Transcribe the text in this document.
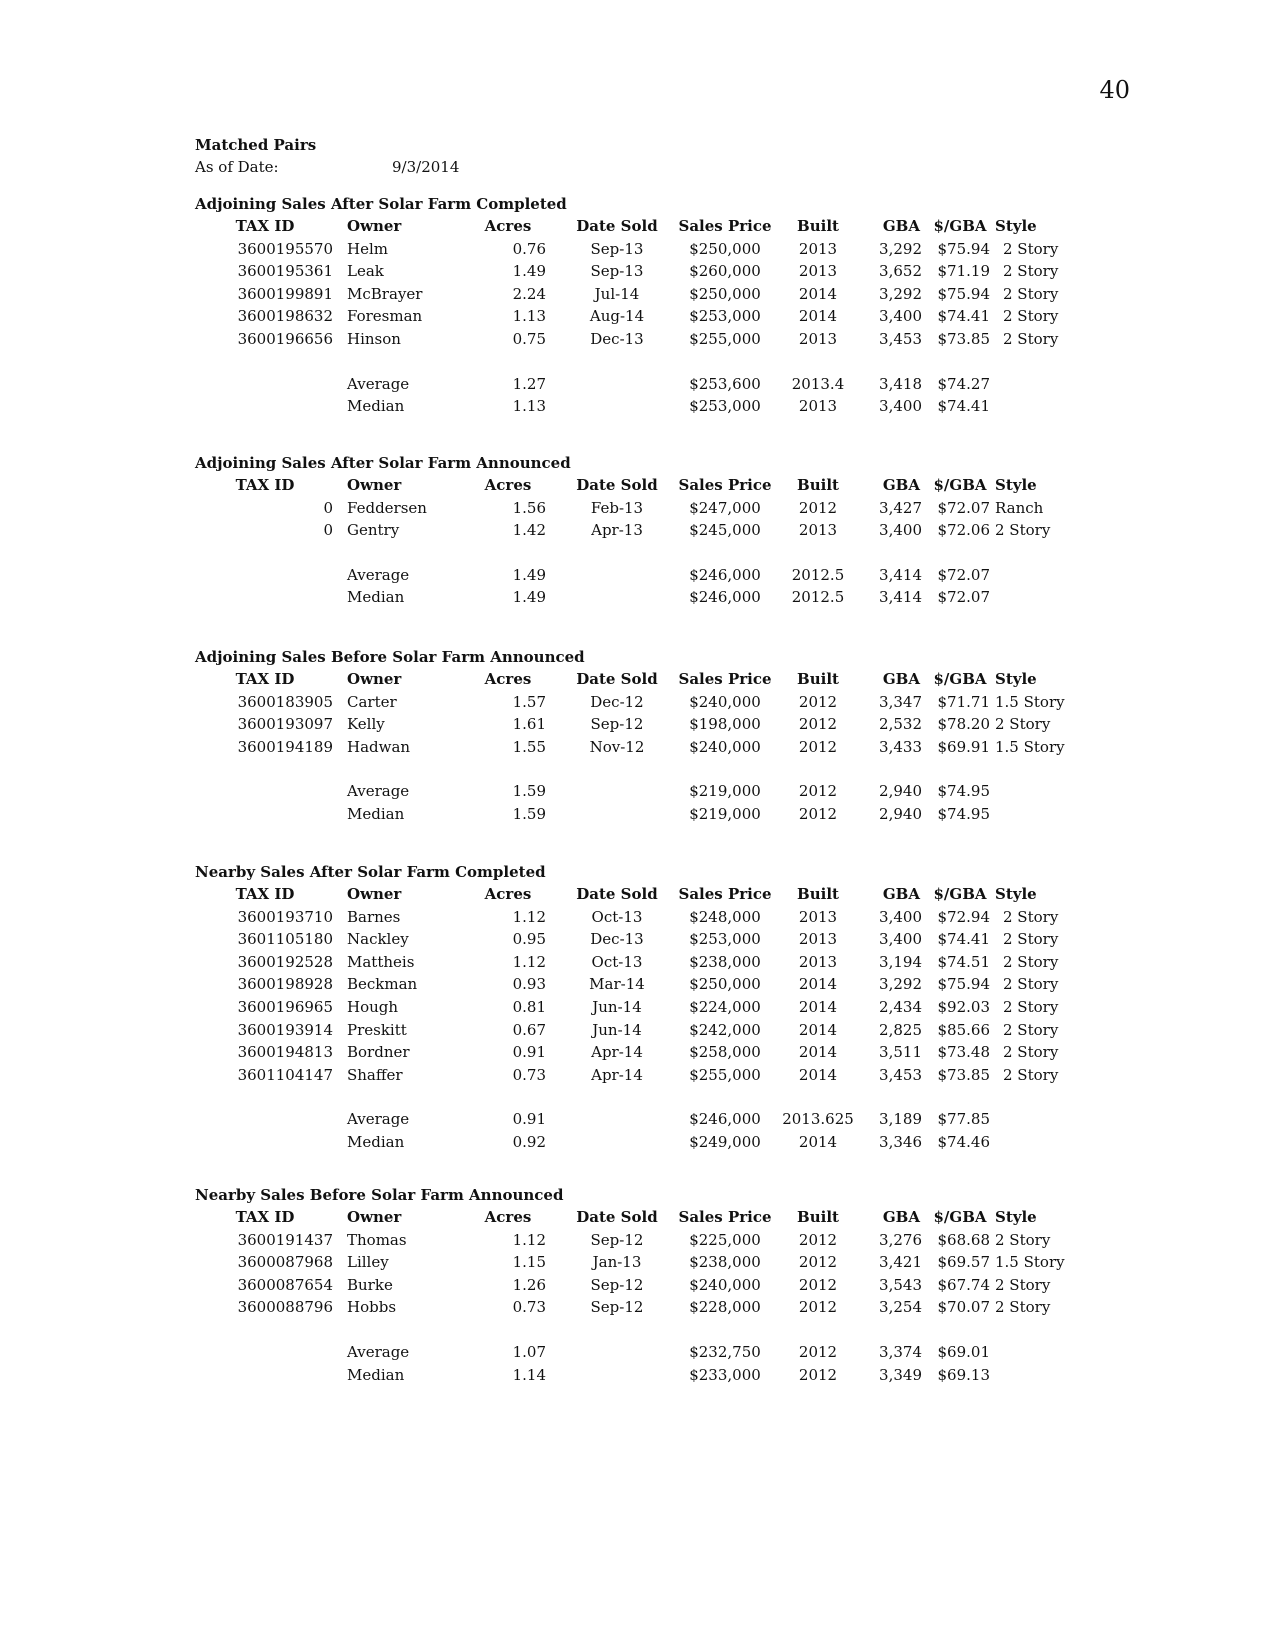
40
Matched Pairs
As of Date:	9/3/2014
Adjoining Sales After Solar Farm Completed
TAX ID	Owner	Acres	Date Sold	Sales Price	Built	GBA $/GBA Style
3600195570 Helm	0.76	Sep-13	$250,000	2013	3,292	$75.94 2 Story
3600195361 Leak	1.49	Sep-13	$260,000	2013	3,652	$71.19 2 Story
3600199891 McBrayer	2.24	Jul-14	$250,000	2014	3,292	$75.94 2 Story
3600198632 Foresman	1.13	Aug-14	$253,000	2014	3,400	$74.41 2 Story
3600196656 Hinson	0.75	Dec-13	$255,000	2013	3,453	$73.85 2 Story
Average	1.27	$253,600	2013.4	3,418	$74.27
Median	1.13	$253,000	2013	3,400	$74.41
Adjoining Sales After Solar Farm Announced
TAX ID	Owner	Acres	Date Sold	Sales Price	Built	GBA $/GBA Style
0 Feddersen	1.56	Feb-13	$247,000	2012	3,427	$72.07 Ranch
0 Gentry	1.42	Apr-13	$245,000	2013	3,400	$72.06 2 Story
Average	1.49	$246,000	2012.5	3,414	$72.07
Median	1.49	$246,000	2012.5	3,414	$72.07
Adjoining Sales Before Solar Farm Announced
TAX ID	Owner	Acres	Date Sold	Sales Price	Built	GBA $/GBA Style
3600183905 Carter	1.57	Dec-12	$240,000	2012	3,347	$71.71 1.5 Story
3600193097 Kelly	1.61	Sep-12	$198,000	2012	2,532	$78.20 2 Story
3600194189 Hadwan	1.55	Nov-12	$240,000	2012	3,433	$69.91 1.5 Story
Average	1.59	$219,000	2012	2,940	$74.95
Median	1.59	$219,000	2012	2,940	$74.95
Nearby Sales After Solar Farm Completed
TAX ID	Owner	Acres	Date Sold	Sales Price	Built	GBA $/GBA Style
3600193710 Barnes	1.12	Oct-13	$248,000	2013	3,400	$72.94 2 Story
3601105180 Nackley	0.95	Dec-13	$253,000	2013	3,400	$74.41 2 Story
3600192528 Mattheis	1.12	Oct-13	$238,000	2013	3,194	$74.51 2 Story
3600198928 Beckman	0.93	Mar-14	$250,000	2014	3,292	$75.94 2 Story
3600196965 Hough	0.81	Jun-14	$224,000	2014	2,434	$92.03 2 Story
3600193914 Preskitt	0.67	Jun-14	$242,000	2014	2,825	$85.66 2 Story
3600194813 Bordner	0.91	Apr-14	$258,000	2014	3,511	$73.48 2 Story
3601104147 Shaffer	0.73	Apr-14	$255,000	2014	3,453	$73.85 2 Story
Average	0.91	$246,000	2013.625	3,189	$77.85
Median	0.92	$249,000	2014	3,346	$74.46
Nearby Sales Before Solar Farm Announced
TAX ID	Owner	Acres	Date Sold	Sales Price	Built	GBA $/GBA Style
3600191437 Thomas	1.12	Sep-12	$225,000	2012	3,276	$68.68 2 Story
3600087968 Lilley	1.15	Jan-13	$238,000	2012	3,421	$69.57 1.5 Story
3600087654 Burke	1.26	Sep-12	$240,000	2012	3,543	$67.74 2 Story
3600088796 Hobbs	0.73	Sep-12	$228,000	2012	3,254	$70.07 2 Story
Average	1.07	$232,750	2012	3,374	$69.01
Median	1.14	$233,000	2012	3,349	$69.13
